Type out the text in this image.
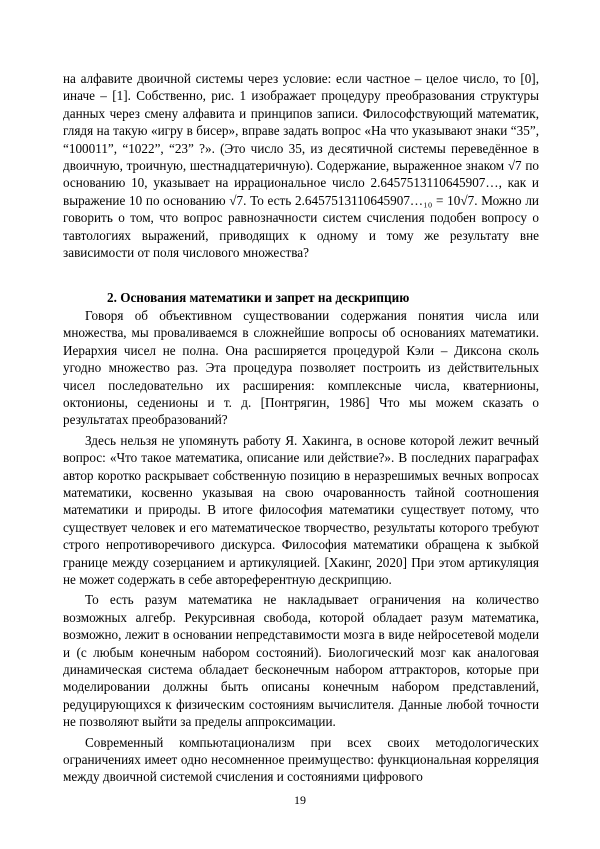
на алфавите двоичной системы через условие: если частное – целое число, то [0], иначе – [1]. Собственно, рис. 1 изображает процедуру преобразования структуры данных через смену алфавита и принципов записи. Философствующий математик, глядя на такую «игру в бисер», вправе задать вопрос «На что указывают знаки “35”, “100011”, “1022”, “23” ?». (Это число 35, из десятичной системы переведённое в двоичную, троичную, шестнадцатеричную). Содержание, выраженное знаком √7 по основанию 10, указывает на иррациональное число 2.6457513110645907…, как и выражение 10 по основанию √7. То есть 2.6457513110645907…₁₀ = 10√7. Можно ли говорить о том, что вопрос равнозначности систем счисления подобен вопросу о тавтологиях выражений, приводящих к одному и тому же результату вне зависимости от поля числового множества?

2. Основания математики и запрет на дескрипцию

Говоря об объективном существовании содержания понятия числа или множества, мы проваливаемся в сложнейшие вопросы об основаниях математики. Иерархия чисел не полна. Она расширяется процедурой Кэли – Диксона сколь угодно множество раз. Эта процедура позволяет построить из действительных чисел последовательно их расширения: комплексные числа, кватернионы, октонионы, седенионы и т. д. [Понтрягин, 1986] Что мы можем сказать о результатах преобразований?

Здесь нельзя не упомянуть работу Я. Хакинга, в основе которой лежит вечный вопрос: «Что такое математика, описание или действие?». В последних параграфах автор коротко раскрывает собственную позицию в неразрешимых вечных вопросах математики, косвенно указывая на свою очарованность тайной соотношения математики и природы. В итоге философия математики существует потому, что существует человек и его математическое творчество, результаты которого требуют строго непротиворечивого дискурса. Философия математики обращена к зыбкой границе между созерцанием и артикуляцией. [Хакинг, 2020] При этом артикуляция не может содержать в себе автореферентную дескрипцию.

То есть разум математика не накладывает ограничения на количество возможных алгебр. Рекурсивная свобода, которой обладает разум математика, возможно, лежит в основании непредставимости мозга в виде нейросетевой модели и (с любым конечным набором состояний). Биологический мозг как аналоговая динамическая система обладает бесконечным набором аттракторов, которые при моделировании должны быть описаны конечным набором представлений, редуцирующихся к физическим состояниям вычислителя. Данные любой точности не позволяют выйти за пределы аппроксимации.

Современный компьютационализм при всех своих методологических ограничениях имеет одно несомненное преимущество: функциональная корреляция между двоичной системой счисления и состояниями цифрового

19
